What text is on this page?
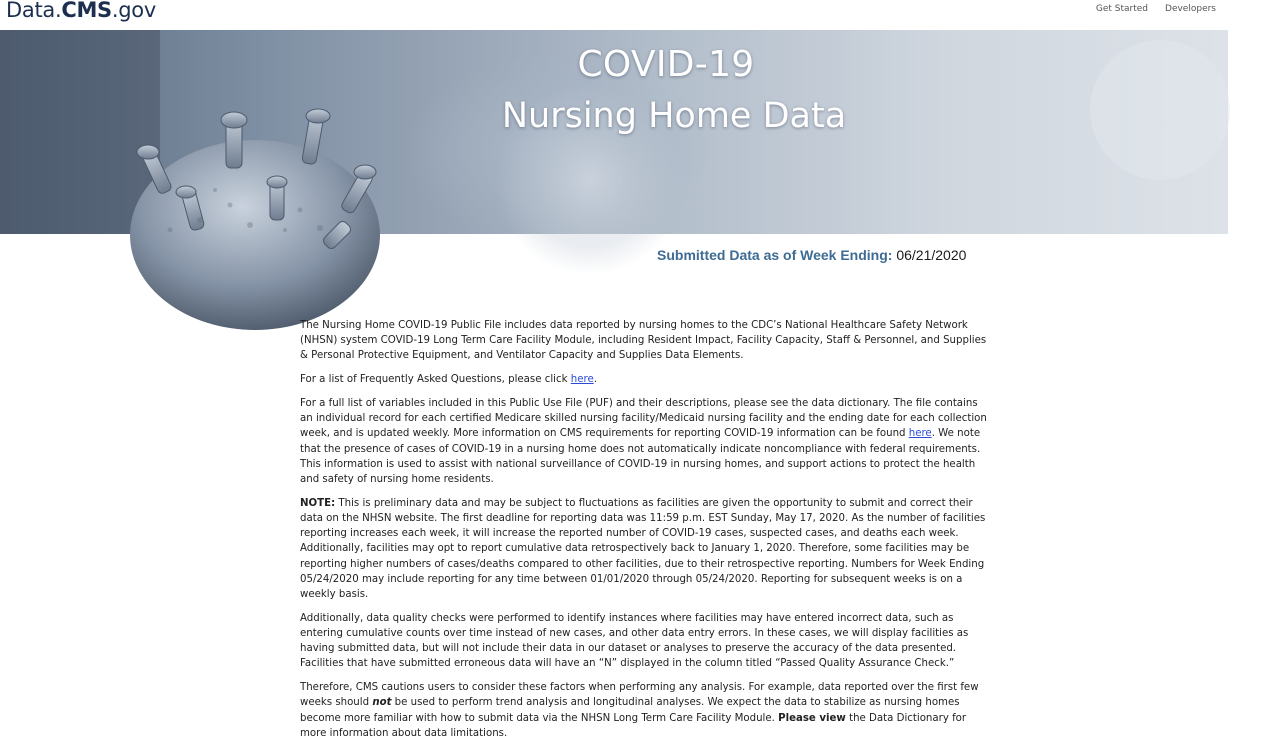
Data.CMS.gov	Get Started Developers
COVID-19
Nursing Home Data
Submitted Data as of Week Ending: 06/21/2020

The Nursing Home COVID-19 Public File includes data reported by nursing homes to the CDC’s National Healthcare Safety Network (NHSN) system COVID-19 Long Term Care Facility Module, including Resident Impact, Facility Capacity, Staff & Personnel, and Supplies & Personal Protective Equipment, and Ventilator Capacity and Supplies Data Elements.

For a list of Frequently Asked Questions, please click here.

For a full list of variables included in this Public Use File (PUF) and their descriptions, please see the data dictionary. The file contains an individual record for each certified Medicare skilled nursing facility/Medicaid nursing facility and the ending date for each collection week, and is updated weekly. More information on CMS requirements for reporting COVID-19 information can be found here. We note that the presence of cases of COVID-19 in a nursing home does not automatically indicate noncompliance with federal requirements. This information is used to assist with national surveillance of COVID-19 in nursing homes, and support actions to protect the health and safety of nursing home residents.

NOTE: This is preliminary data and may be subject to fluctuations as facilities are given the opportunity to submit and correct their data on the NHSN website. The first deadline for reporting data was 11:59 p.m. EST Sunday, May 17, 2020. As the number of facilities reporting increases each week, it will increase the reported number of COVID-19 cases, suspected cases, and deaths each week. Additionally, facilities may opt to report cumulative data retrospectively back to January 1, 2020. Therefore, some facilities may be reporting higher numbers of cases/deaths compared to other facilities, due to their retrospective reporting. Numbers for Week Ending 05/24/2020 may include reporting for any time between 01/01/2020 through 05/24/2020. Reporting for subsequent weeks is on a weekly basis.

Additionally, data quality checks were performed to identify instances where facilities may have entered incorrect data, such as entering cumulative counts over time instead of new cases, and other data entry errors. In these cases, we will display facilities as having submitted data, but will not include their data in our dataset or analyses to preserve the accuracy of the data presented. Facilities that have submitted erroneous data will have an “N” displayed in the column titled “Passed Quality Assurance Check.”

Therefore, CMS cautions users to consider these factors when performing any analysis. For example, data reported over the first few weeks should not be used to perform trend analysis and longitudinal analyses. We expect the data to stabilize as nursing homes become more familiar with how to submit data via the NHSN Long Term Care Facility Module. Please view the Data Dictionary for more information about data limitations.
